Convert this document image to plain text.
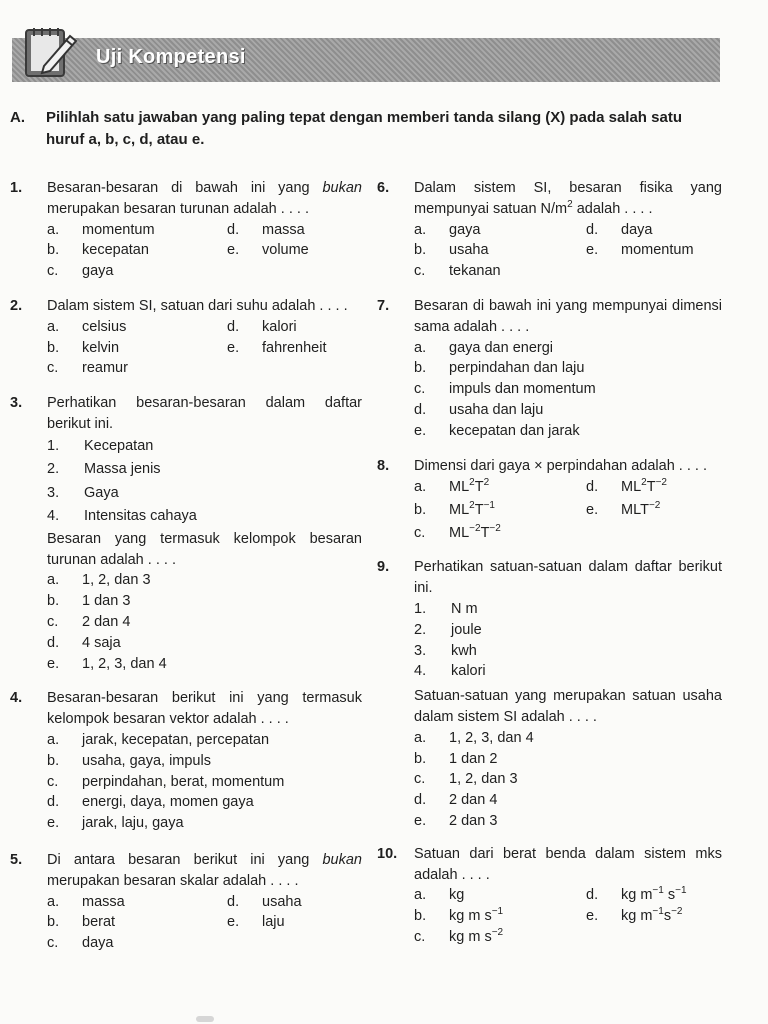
Uji Kompetensi
A. Pilihlah satu jawaban yang paling tepat dengan memberi tanda silang (X) pada salah satu huruf a, b, c, d, atau e.
1. Besaran-besaran di bawah ini yang bukan merupakan besaran turunan adalah . . . .
a. momentum	d. massa
b. kecepatan	e. volume
c. gaya
2. Dalam sistem SI, satuan dari suhu adalah . . . .
a. celsius	d. kalori
b. kelvin	e. fahrenheit
c. reamur
3. Perhatikan besaran-besaran dalam daftar berikut ini.
1. Kecepatan
2. Massa jenis
3. Gaya
4. Intensitas cahaya
Besaran yang termasuk kelompok besaran turunan adalah . . . .
a. 1, 2, dan 3
b. 1 dan 3
c. 2 dan 4
d. 4 saja
e. 1, 2, 3, dan 4
4. Besaran-besaran berikut ini yang termasuk kelompok besaran vektor adalah . . . .
a. jarak, kecepatan, percepatan
b. usaha, gaya, impuls
c. perpindahan, berat, momentum
d. energi, daya, momen gaya
e. jarak, laju, gaya
5. Di antara besaran berikut ini yang bukan merupakan besaran skalar adalah . . . .
a. massa	d. usaha
b. berat	e. laju
c. daya
6. Dalam sistem SI, besaran fisika yang mempunyai satuan $N/m^2$ adalah . . . .
a. gaya	d. daya
b. usaha	e. momentum
c. tekanan
7. Besaran di bawah ini yang mempunyai dimensi sama adalah . . . .
a. gaya dan energi
b. perpindahan dan laju
c. impuls dan momentum
d. usaha dan laju
e. kecepatan dan jarak
8. Dimensi dari gaya × perpindahan adalah . . . .
a. $ML^2T^2$	d. $ML^2T^{-2}$
b. $ML^2T^{-1}$	e. $MLT^{-2}$
c. $ML^{-2}T^{-2}$
9. Perhatikan satuan-satuan dalam daftar berikut ini.
1. N m
2. joule
3. kwh
4. kalori
Satuan-satuan yang merupakan satuan usaha dalam sistem SI adalah . . . .
a. 1, 2, 3, dan 4
b. 1 dan 2
c. 1, 2, dan 3
d. 2 dan 4
e. 2 dan 3
10. Satuan dari berat benda dalam sistem mks adalah . . . .
a. kg	d. kg $m^{-1}$ $s^{-1}$
b. kg m $s^{-1}$	e. kg $m^{-1}s^{-2}$
c. kg m $s^{-2}$
